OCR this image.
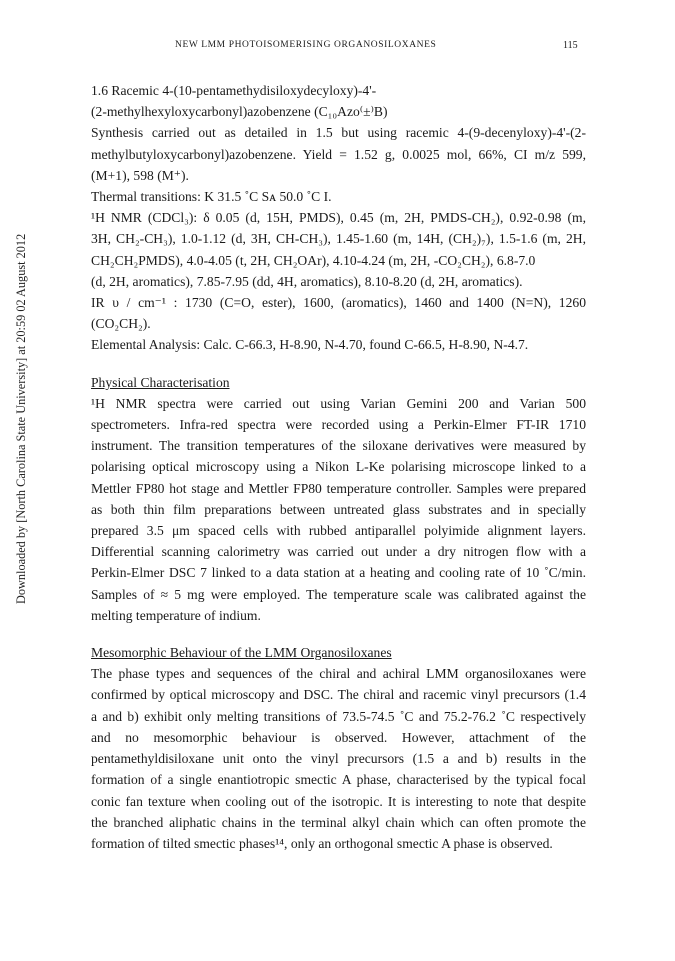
NEW LMM PHOTOISOMERISING ORGANOSILOXANES	115
Downloaded by [North Carolina State University] at 20:59 02 August 2012

1.6 Racemic 4-(10-pentamethydisiloxydecyloxy)-4'-
(2-methylhexyloxycarbonyl)azobenzene (C₁₀Azo⁽±⁾B)

Synthesis carried out as detailed in 1.5 but using racemic 4-(9-decenyloxy)-4'-(2-
methylbutyloxycarbonyl)azobenzene. Yield = 1.52 g, 0.0025 mol, 66%, CI m/z 599,
(M+1), 598 (M⁺).
Thermal transitions: K 31.5 ˚C Sᴀ 50.0 ˚C I.
¹H NMR (CDCl₃): δ 0.05 (d, 15H, PMDS), 0.45 (m, 2H, PMDS-CH₂), 0.92-0.98 (m,
3H, CH₂-CH₃), 1.0-1.12 (d, 3H, CH-CH₃), 1.45-1.60 (m, 14H, (CH₂)₇), 1.5-1.6 (m, 2H,
CH₂CH₂PMDS), 4.0-4.05 (t, 2H, CH₂OAr), 4.10-4.24 (m, 2H, -CO₂CH₂), 6.8-7.0
(d, 2H, aromatics), 7.85-7.95 (dd, 4H, aromatics), 8.10-8.20 (d, 2H, aromatics).
IR υ / cm⁻¹ : 1730 (C=O, ester), 1600, (aromatics), 1460 and 1400 (N=N), 1260
(CO₂CH₂).
Elemental Analysis: Calc. C-66.3, H-8.90, N-4.70, found C-66.5, H-8.90, N-4.7.
Physical Characterisation
¹H NMR spectra were carried out using Varian Gemini 200 and Varian 500
spectrometers. Infra-red spectra were recorded using a Perkin-Elmer FT-IR 1710
instrument. The transition temperatures of the siloxane derivatives were measured by
polarising optical microscopy using a Nikon L-Ke polarising microscope linked to a
Mettler FP80 hot stage and Mettler FP80 temperature controller. Samples were prepared
as both thin film preparations between untreated glass substrates and in specially
prepared 3.5 μm spaced cells with rubbed antiparallel polyimide alignment layers.
Differential scanning calorimetry was carried out under a dry nitrogen flow with a
Perkin-Elmer DSC 7 linked to a data station at a heating and cooling rate of 10 ˚C/min.
Samples of ≈ 5 mg were employed. The temperature scale was calibrated against the
melting temperature of indium.
Mesomorphic Behaviour of the LMM Organosiloxanes
The phase types and sequences of the chiral and achiral LMM organosiloxanes were
confirmed by optical microscopy and DSC. The chiral and racemic vinyl precursors (1.4
a and b) exhibit only melting transitions of 73.5-74.5 ˚C and 75.2-76.2 ˚C respectively
and no mesomorphic behaviour is observed. However, attachment of the
pentamethyldisiloxane unit onto the vinyl precursors (1.5 a and b) results in the
formation of a single enantiotropic smectic A phase, characterised by the typical focal
conic fan texture when cooling out of the isotropic. It is interesting to note that despite
the branched aliphatic chains in the terminal alkyl chain which can often promote the
formation of tilted smectic phases¹⁴, only an orthogonal smectic A phase is observed.
